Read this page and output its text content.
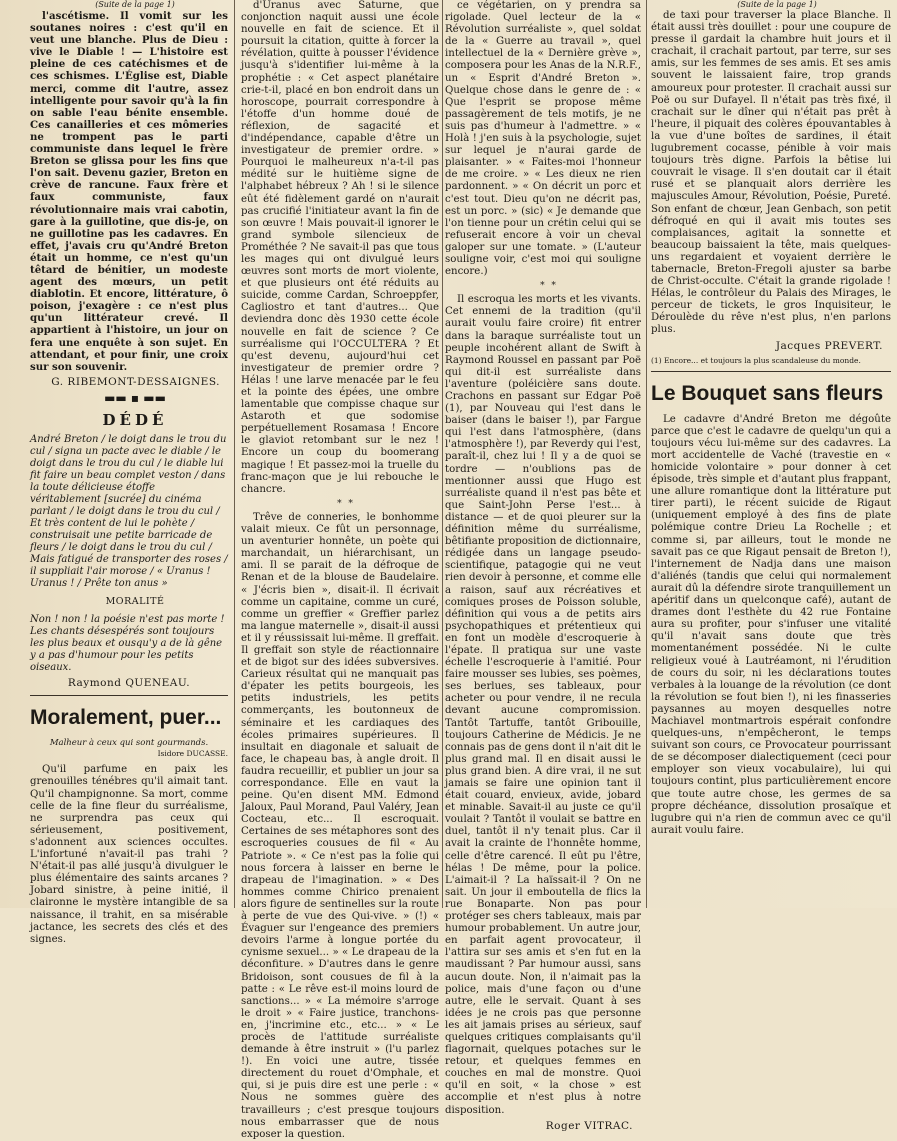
(Suite de la page 1)

l'ascétisme. Il vomit sur les soutanes noires : c'est qu'il en veut une blanche. Plus de Dieu : vive le Diable ! — L'histoire est pleine de ces catéchismes et de ces schismes. L'Église est, Diable merci, comme dit l'autre, assez intelligente pour savoir qu'à la fin on sable l'eau bénite ensemble. Ces canailleries et ces mômeries ne trompent pas le parti communiste dans lequel le frère Breton se glissa pour les fins que l'on sait. Devenu gazier, Breton en crève de rancune. Faux frère et faux communiste, faux révolutionnaire mais vrai cabotin, gare à la guillotine, que dis-je, on ne guillotine pas les cadavres. En effet, j'avais cru qu'André Breton était un homme, ce n'est qu'un têtard de bénitier, un modeste agent des mœurs, un petit diablotin. Et encore, littérature, ô poison, j'exagère : ce n'est plus qu'un littérateur crevé. Il appartient à l'histoire, un jour on fera une enquête à son sujet. En attendant, et pour finir, une croix sur son souvenir.

G. RIBEMONT-DESSAIGNES.

▬▬ ▪ ▬▬

DÉDÉ

André Breton / le doigt dans le trou du cul / signa un pacte avec le diable / le doigt dans le trou du cul / le diable lui fit faire un beau complet veston / dans la toute délicieuse étoffe véritablement [sucrée] du cinéma parlant / le doigt dans le trou du cul / Et très content de lui le pohète / construisait une petite barricade de fleurs / le doigt dans le trou du cul / Mais fatigué de transporter des roses / il suppliait l'air morose / « Uranus ! Uranus ! / Prête ton anus »

MORALITÉ

Non ! non ! la poésie n'est pas morte ! Les chants désespérés sont toujours les plus beaux et ousqu'y a de là gêne y a pas d'humour pour les petits oiseaux.

Raymond QUENEAU.

Moralement, puer...

Malheur à ceux qui sont gourmands.

Isidore DUCASSE.

Qu'il parfume en paix les grenouilles ténébres qu'il aimait tant. Qu'il champignonne. Sa mort, comme celle de la fine fleur du surréalisme, ne surprendra pas ceux qui sérieusement, positivement, s'adonnent aux sciences occultes. L'infortuné n'avait-il pas trahi ? N'était-il pas allé jusqu'à divulguer le plus élémentaire des saints arcanes ? Jobard sinistre, à peine initié, il claironne le mystère intangible de sa naissance, il trahit, en sa misérable jactance, les secrets des clés et des signes.

d'Uranus avec Saturne, que conjonction naquit aussi une école nouvelle en fait de science. Et il poursuit la citation, quitte à forcer la révélation, quitte à pousser l'évidence jusqu'à s'identifier lui-même à la prophétie : « Cet aspect planétaire crie-t-il, placé en bon endroit dans un horoscope, pourrait correspondre à l'étoffe d'un homme doué de réflexion, de sagacité et d'indépendance, capable d'être un investigateur de premier ordre. » Pourquoi le malheureux n'a-t-il pas médité sur le huitième signe de l'alphabet hébreux ? Ah ! si le silence eût été fidèlement gardé on n'aurait pas crucifié l'initiateur avant la fin de son œuvre ! Mais pouvait-il ignorer le grand symbole silencieux de Prométhée ? Ne savait-il pas que tous les mages qui ont divulgué leurs œuvres sont morts de mort violente, et que plusieurs ont été réduits au suicide, comme Cardan, Schroeppfer, Cagliostro et tant d'autres... Que deviendra donc dès 1930 cette école nouvelle en fait de science ? Ce surréalisme qui l'OCCULTERA ? Et qu'est devenu, aujourd'hui cet investigateur de premier ordre ? Hélas ! une larve menacée par le feu et la pointe des épées, une ombre lamentable que compisse chaque sur Astaroth et que sodomise perpétuellement Rosamasa ! Encore le glaviot retombant sur le nez ! Encore un coup du boomerang magique ! Et passez-moi la truelle du franc-maçon que je lui rebouche le chancre.

* *

Trêve de conneries, le bonhomme valait mieux. Ce fût un personnage, un aventurier honnête, un poète qui marchandait, un hiérarchisant, un ami. Il se parait de la défroque de Renan et de la blouse de Baudelaire. « J'écris bien », disait-il. Il écrivait comme un capitaine, comme un curé, comme un greffier « Greffier parlez ma langue maternelle », disait-il aussi et il y réussissait lui-même. Il greffait. Il greffait son style de réactionnaire et de bigot sur des idées subversives. Carieux résultat qui ne manquait pas d'épater les petits bourgeois, les petits industriels, les petits commerçants, les boutonneux de séminaire et les cardiaques des écoles primaires supérieures. Il insultait en diagonale et saluait de face, le chapeau bas, à angle droit. Il faudra recueillir, et publier un jour sa correspondance. Elle en vaut la peine. Qu'en disent MM. Edmond Jaloux, Paul Morand, Paul Valéry, Jean Cocteau, etc... Il escroquait. Certaines de ses métaphores sont des escroqueries cousues de fil « Au Patriote ». « Ce n'est pas la folie qui nous forcera à laisser en berne le drapeau de l'imagination. » « Des hommes comme Chirico prenaient alors figure de sentinelles sur la route à perte de vue des Qui-vive. » (!) « Évaguer sur l'engeance des premiers devoirs l'arme à longue portée du cynisme sexuel... » « Le drapeau de la déconfiture. » D'autres dans le genre Bridoison, sont cousues de fil à la patte : « Le rêve est-il moins lourd de sanctions... » « La mémoire s'arroge le droit » « Faire justice, tranchons-en, j'incrimine etc., etc... » « Le procès de l'attitude surréaliste demande à être instruit » (l'u parlez !). En voici une autre, tissée directement du rouet d'Omphale, et qui, si je puis dire est une perle : « Nous ne sommes guère des travailleurs ; c'est presque toujours nous embarrasser que de nous exposer la question.

ce végétarien, on y prendra sa rigolade. Quel lecteur de la « Révolution surréaliste », quel soldat de la « Guerre au travail », quel intellectuel de la « Dernière grève », composera pour les Anas de la N.R.F., un « Esprit d'André Breton ». Quelque chose dans le genre de : « Que l'esprit se propose même passagèrement de tels motifs, je ne suis pas d'humeur à l'admettre. » « Holà ! j'en suis à la psychologie, sujet sur lequel je n'aurai garde de plaisanter. » « Faites-moi l'honneur de me croire. » « Les dieux ne rien pardonnent. » « On décrit un porc et c'est tout. Dieu qu'on ne décrit pas, est un porc. » (sic) « Je demande que l'on tienne pour un crétin celui qui se refuserait encore à voir un cheval galoper sur une tomate. » (L'auteur souligne voir, c'est moi qui souligne encore.)

* *

Il escroqua les morts et les vivants. Cet ennemi de la tradition (qu'il aurait voulu faire croire) fit entrer dans la baraque surréaliste tout un peuple incohérent allant de Swift à Raymond Roussel en passant par Poë qui dit-il est surréaliste dans l'aventure (poléicière sans doute. Crachons en passant sur Edgar Poë (1), par Nouveau qui l'est dans le baiser (dans le baiser !), par Fargue qui l'est dans l'atmosphère, (dans l'atmosphère !), par Reverdy qui l'est, paraît-il, chez lui ! Il y a de quoi se tordre — n'oublions pas de mentionner aussi que Hugo est surréaliste quand il n'est pas bête et que Saint-John Perse l'est... à distance — et de quoi pleurer sur la définition même du surréalisme, bêtifiante proposition de dictionnaire, rédigée dans un langage pseudo-scientifique, patagogie qui ne veut rien devoir à personne, et comme elle a raison, sauf aux récréatives et comiques proses de Poisson soluble, définition qui vous a de petits airs psychopathiques et prétentieux qui en font un modèle d'escroquerie à l'épate. Il pratiqua sur une vaste échelle l'escroquerie à l'amitié. Pour faire mousser ses lubies, ses poèmes, ses berlues, ses tableaux, pour acheter ou pour vendre, il ne recula devant aucune compromission. Tantôt Tartuffe, tantôt Gribouille, toujours Catherine de Médicis. Je ne connais pas de gens dont il n'ait dit le plus grand mal. Il en disait aussi le plus grand bien. A dire vrai, il ne sut jamais se faire une opinion tant il était couard, envieux, avide, jobard et minable. Savait-il au juste ce qu'il voulait ? Tantôt il voulait se battre en duel, tantôt il n'y tenait plus. Car il avait la crainte de l'honnête homme, celle d'être carencé. Il eût pu l'être, hélas ! De même, pour la police. L'aimait-il ? La haïssait-il ? On ne sait. Un jour il emboutella de flics la rue Bonaparte. Non pas pour protéger ses chers tableaux, mais par humour probablement. Un autre jour, en parfait agent provocateur, il l'attira sur ses amis et s'en fut en la maudissant ? Par humour aussi, sans aucun doute. Non, il n'aimait pas la police, mais d'une façon ou d'une autre, elle le servait. Quant à ses idées je ne crois pas que personne les ait jamais prises au sérieux, sauf quelques critiques complaisants qu'il flagornait, quelques potaches sur le retour, et quelques femmes en couches en mal de monstre. Quoi qu'il en soit, « la chose » est accomplie et n'est plus à notre disposition.

Roger VITRAC.

(Suite de la page 1)

de taxi pour traverser la place Blanche. Il était aussi très douillet : pour une coupure de presse il gardait la chambre huit jours et il crachait, il crachait partout, par terre, sur ses amis, sur les femmes de ses amis. Et ses amis souvent le laissaient faire, trop grands amoureux pour protester. Il crachait aussi sur Poë ou sur Dufayel. Il n'était pas très fixé, il crachait sur le dîner qui n'était pas prêt à l'heure, il piquait des colères épouvantables à la vue d'une boîtes de sardines, il était lugubrement cocasse, pénible à voir mais toujours très digne. Parfois la bêtise lui couvrait le visage. Il s'en doutait car il était rusé et se planquait alors derrière les majuscules Amour, Révolution, Poésie, Pureté. Son enfant de chœur, Jean Genbach, son petit défroqué en qui il avait mis toutes ses complaisances, agitait la sonnette et beaucoup baissaient la tête, mais quelques-uns regardaient et voyaient derrière le tabernacle, Breton-Fregoli ajuster sa barbe de Christ-occulte. C'était la grande rigolade ! Hélas, le contrôleur du Palais des Mirages, le perceur de tickets, le gros Inquisiteur, le Déroulède du rêve n'est plus, n'en parlons plus.

Jacques PREVERT.

(1) Encore... et toujours la plus scandaleuse du monde.

Le Bouquet sans fleurs

Le cadavre d'André Breton me dégoûte parce que c'est le cadavre de quelqu'un qui a toujours vécu lui-même sur des cadavres. La mort accidentelle de Vaché (travestie en « homicide volontaire » pour donner à cet épisode, très simple et d'autant plus frappant, une allure romantique dont la littérature put tirer parti), le récent suicide de Rigaut (uniquement employé à des fins de plate polémique contre Drieu La Rochelle ; et comme si, par ailleurs, tout le monde ne savait pas ce que Rigaut pensait de Breton !), l'internement de Nadja dans une maison d'aliénés (tandis que celui qui normalement aurait dû la défendre sirote tranquillement un apéritif dans un quelconque café), autant de drames dont l'esthète du 42 rue Fontaine aura su profiter, pour s'infuser une vitalité qu'il n'avait sans doute que très momentanément possédée. Ni le culte religieux voué à Lautréamont, ni l'érudition de cours du soir, ni les déclarations toutes verbales à la louange de la révolution (ce dont la révolution se fout bien !), ni les finasseries paysannes au moyen desquelles notre Machiavel montmartrois espérait confondre quelques-uns, n'empêcheront, le temps suivant son cours, ce Provocateur pourrissant de se décomposer dialectiquement (ceci pour employer son vieux vocabulaire), lui qui toujours contint, plus particulièrement encore que toute autre chose, les germes de sa propre déchéance, dissolution prosaïque et lugubre qui n'a rien de commun avec ce qu'il aurait voulu faire.
